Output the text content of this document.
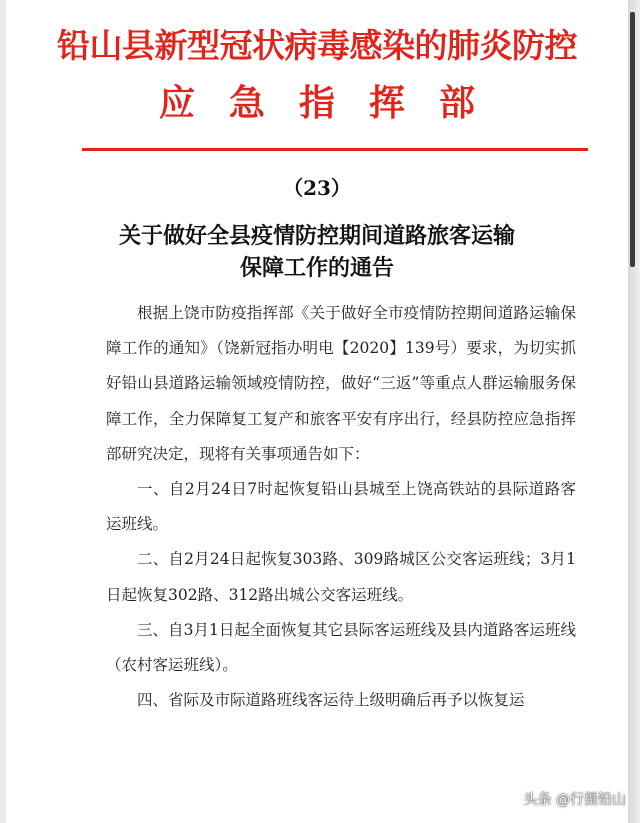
铅山县新型冠状病毒感染的肺炎防控
应急指挥部
（23）
关于做好全县疫情防控期间道路旅客运输
保障工作的通告

根据上饶市防疫指挥部《关于做好全市疫情防控期间道路运输保障工作的通知》（饶新冠指办明电【2020】139号）要求，为切实抓好铅山县道路运输领域疫情防控，做好“三返”等重点人群运输服务保障工作，全力保障复工复产和旅客平安有序出行，经县防控应急指挥部研究决定，现将有关事项通告如下：

一、自2月24日7时起恢复铅山县城至上饶高铁站的县际道路客运班线。

二、自2月24日起恢复303路、309路城区公交客运班线；3月1日起恢复302路、312路出城公交客运班线。

三、自3月1日起全面恢复其它县际客运班线及县内道路客运班线（农村客运班线）。

四、省际及市际道路班线客运待上级明确后再予以恢复运

头条 @行摄铅山
